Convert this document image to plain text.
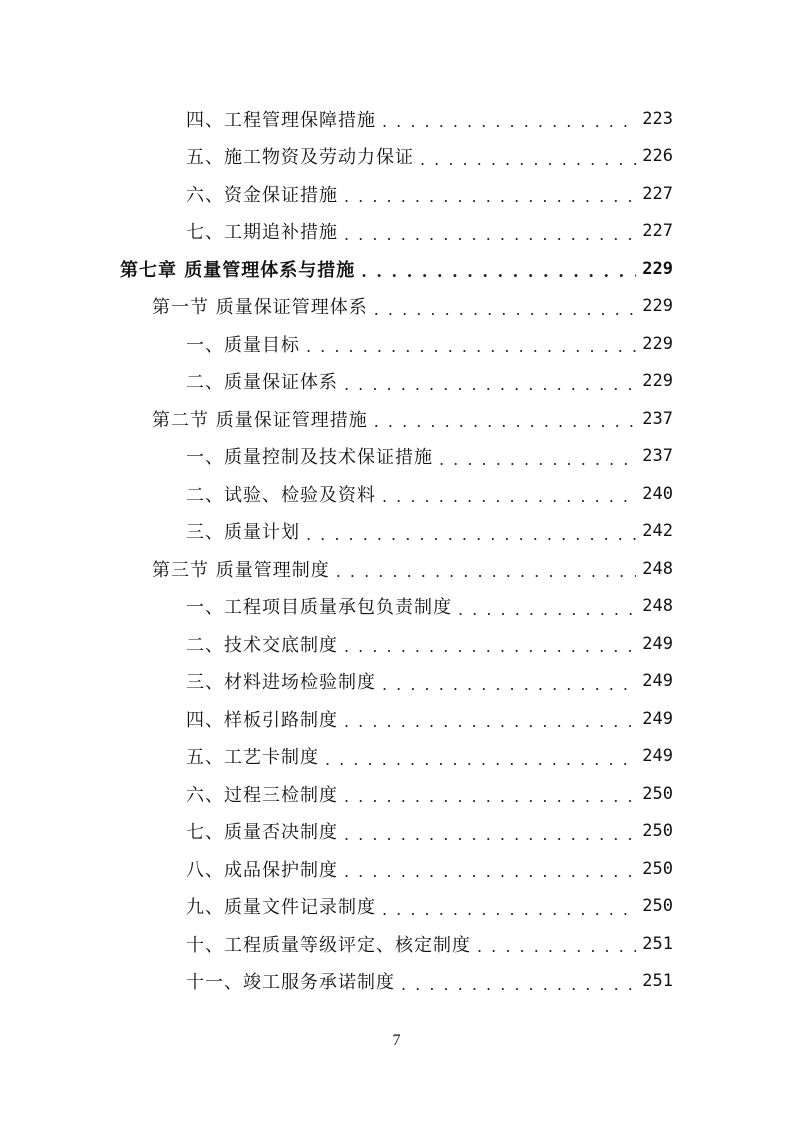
四、工程管理保障措施 . . .	223
五、施工物资及劳动力保证 . . .	226
六、资金保证措施 . . .	227
七、工期追补措施 . . .	227
第七章 质量管理体系与措施 . . .	229
第一节 质量保证管理体系 . . .	229
一、质量目标 . . .	229
二、质量保证体系 . . .	229
第二节 质量保证管理措施 . . .	237
一、质量控制及技术保证措施 . . .	237
二、试验、检验及资料 . . .	240
三、质量计划 . . .	242
第三节 质量管理制度 . . .	248
一、工程项目质量承包负责制度 . . .	248
二、技术交底制度 . . .	249
三、材料进场检验制度 . . .	249
四、样板引路制度 . . .	249
五、工艺卡制度 . . .	249
六、过程三检制度 . . .	250
七、质量否决制度 . . .	250
八、成品保护制度 . . .	250
九、质量文件记录制度 . . .	250
十、工程质量等级评定、核定制度 . . .	251
十一、竣工服务承诺制度 . . .	251
7
